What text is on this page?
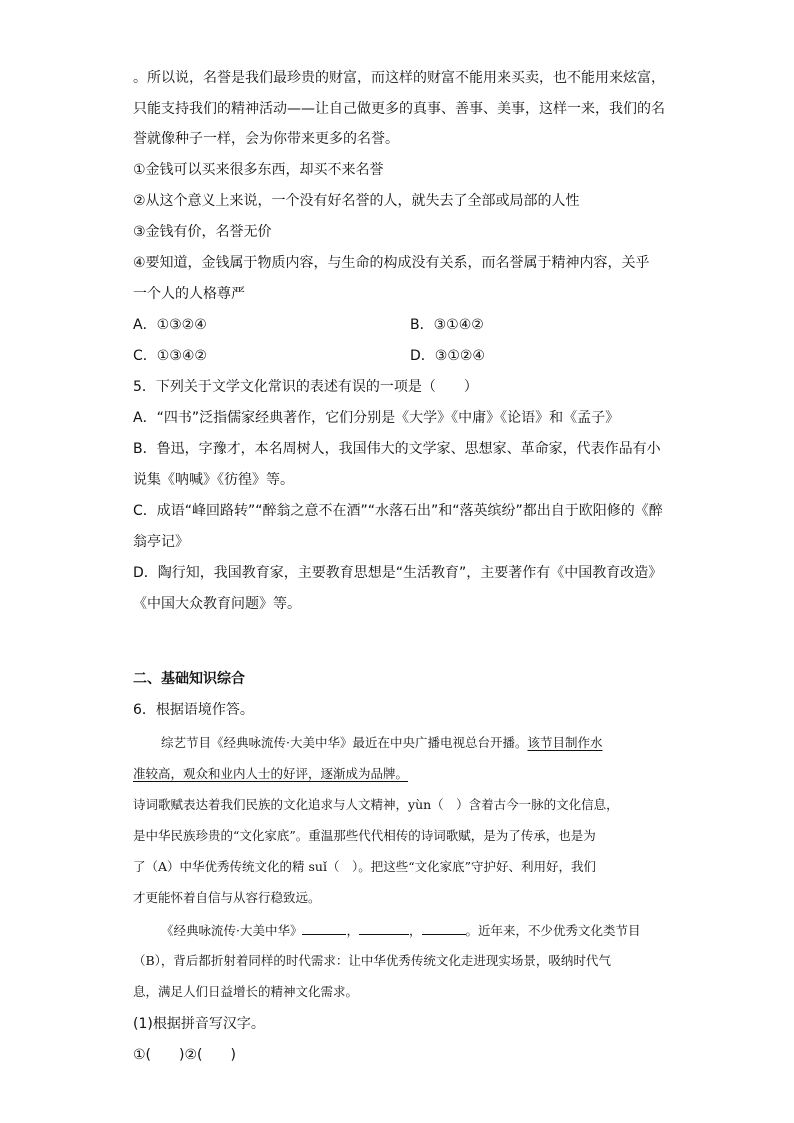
。所以说，名誉是我们最珍贵的财富，而这样的财富不能用来买卖，也不能用来炫富，
只能支持我们的精神活动——让自己做更多的真事、善事、美事，这样一来，我们的名
誉就像种子一样，会为你带来更多的名誉。
①金钱可以买来很多东西，却买不来名誉
②从这个意义上来说，一个没有好名誉的人，就失去了全部或局部的人性
③金钱有价，名誉无价
④要知道，金钱属于物质内容，与生命的构成没有关系，而名誉属于精神内容，关乎
一个人的人格尊严
A．①③②④	B．③①④②
C．①③④②	D．③①②④
5．下列关于文学文化常识的表述有误的一项是（　　）
A．“四书”泛指儒家经典著作，它们分别是《大学》《中庸》《论语》和《孟子》
B．鲁迅，字豫才，本名周树人，我国伟大的文学家、思想家、革命家，代表作品有小
说集《呐喊》《彷徨》等。
C．成语“峰回路转”“醉翁之意不在酒”“水落石出”和“落英缤纷”都出自于欧阳修的《醉
翁亭记》
D．陶行知，我国教育家，主要教育思想是“生活教育”，主要著作有《中国教育改造》
《中国大众教育问题》等。
二、基础知识综合
6．根据语境作答。
综艺节目《经典咏流传·大美中华》最近在中央广播电视总台开播。该节目制作水
准较高，观众和业内人士的好评，逐渐成为品牌。
诗词歌赋表达着我们民族的文化追求与人文精神，yùn（　）含着古今一脉的文化信息，
是中华民族珍贵的“文化家底”。重温那些代代相传的诗词歌赋，是为了传承，也是为
了（A）中华优秀传统文化的精 suǐ（　）。把这些“文化家底”守护好、利用好，我们
才更能怀着自信与从容行稳致远。
《经典咏流传·大美中华》	，	，	。近年来，不少优秀文化类节目
（B），背后都折射着同样的时代需求：让中华优秀传统文化走进现实场景，吸纳时代气
息，满足人们日益增长的精神文化需求。
(1)根据拼音写汉字。
①(　　)②(　　)
